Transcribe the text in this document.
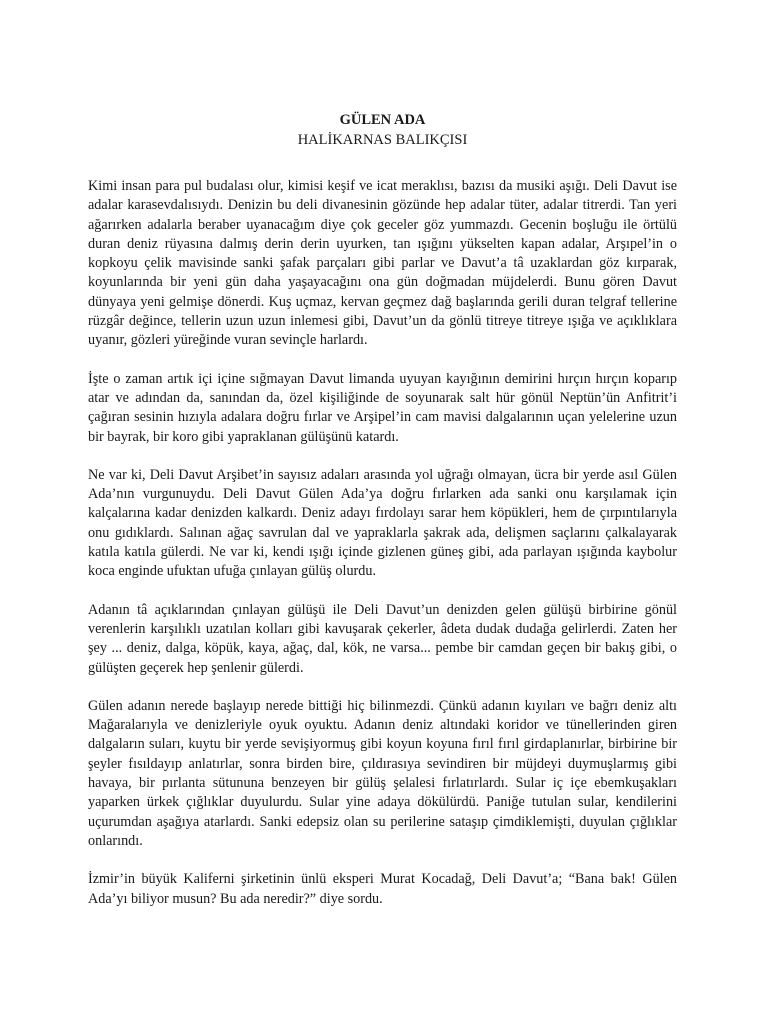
GÜLEN ADA
HALİKARNAS BALIKÇISI

Kimi insan para pul budalası olur, kimisi keşif ve icat meraklısı, bazısı da musiki aşığı. Deli Davut ise adalar karasevdalısıydı. Denizin bu deli divanesinin gözünde hep adalar tüter, adalar titrerdi. Tan yeri ağarırken adalarla beraber uyanacağım diye çok geceler göz yummazdı. Gecenin boşluğu ile örtülü duran deniz rüyasına dalmış derin derin uyurken, tan ışığını yükselten kapan adalar, Arşıpel’in o kopkoyu çelik mavisinde sanki şafak parçaları gibi parlar ve Davut’a tâ uzaklardan göz kırparak, koyunlarında bir yeni gün daha yaşayacağını ona gün doğmadan müjdelerdi. Bunu gören Davut dünyaya yeni gelmişe dönerdi. Kuş uçmaz, kervan geçmez dağ başlarında gerili duran telgraf tellerine rüzgâr değince, tellerin uzun uzun inlemesi gibi, Davut’un da gönlü titreye titreye ışığa ve açıklıklara uyanır, gözleri yüreğinde vuran sevinçle harlardı.

İşte o zaman artık içi içine sığmayan Davut limanda uyuyan kayığının demirini hırçın hırçın koparıp atar ve adından da, sanından da, özel kişiliğinde de soyunarak salt hür gönül Neptün’ün Anfitrit’i çağıran sesinin hızıyla adalara doğru fırlar ve Arşipel’in cam mavisi dalgalarının uçan yelelerine uzun bir bayrak, bir koro gibi yapraklanan gülüşünü katardı.

Ne var ki, Deli Davut Arşibet’in sayısız adaları arasında yol uğrağı olmayan, ücra bir yerde asıl Gülen Ada’nın vurgunuydu. Deli Davut Gülen Ada’ya doğru fırlarken ada sanki onu karşılamak için kalçalarına kadar denizden kalkardı. Deniz adayı fırdolayı sarar hem köpükleri, hem de çırpıntılarıyla onu gıdıklardı. Salınan ağaç savrulan dal ve yapraklarla şakrak ada, delişmen saçlarını çalkalayarak katıla katıla gülerdi. Ne var ki, kendi ışığı içinde gizlenen güneş gibi, ada parlayan ışığında kaybolur koca enginde ufuktan ufuğa çınlayan gülüş olurdu.

Adanın tâ açıklarından çınlayan gülüşü ile Deli Davut’un denizden gelen gülüşü birbirine gönül verenlerin karşılıklı uzatılan kolları gibi kavuşarak çekerler, âdeta dudak dudağa gelirlerdi. Zaten her şey ... deniz, dalga, köpük, kaya, ağaç, dal, kök, ne varsa... pembe bir camdan geçen bir bakış gibi, o gülüşten geçerek hep şenlenir gülerdi.

Gülen adanın nerede başlayıp nerede bittiği hiç bilinmezdi. Çünkü adanın kıyıları ve bağrı deniz altı Mağaralarıyla ve denizleriyle oyuk oyuktu. Adanın deniz altındaki koridor ve tünellerinden giren dalgaların suları, kuytu bir yerde sevişiyormuş gibi koyun koyuna fırıl fırıl girdaplanırlar, birbirine bir şeyler fısıldayıp anlatırlar, sonra birden bire, çıldırasıya sevindiren bir müjdeyi duymuşlarmış gibi havaya, bir pırlanta sütununa benzeyen bir gülüş şelalesi fırlatırlardı. Sular iç içe ebemkuşakları yaparken ürkek çığlıklar duyulurdu. Sular yine adaya dökülürdü. Paniğe tutulan sular, kendilerini uçurumdan aşağıya atarlardı. Sanki edepsiz olan su perilerine sataşıp çimdiklemişti, duyulan çığlıklar onlarındı.

İzmir’in büyük Kaliferni şirketinin ünlü eksperi Murat Kocadağ, Deli Davut’a; “Bana bak! Gülen Ada’yı biliyor musun? Bu ada neredir?” diye sordu.
